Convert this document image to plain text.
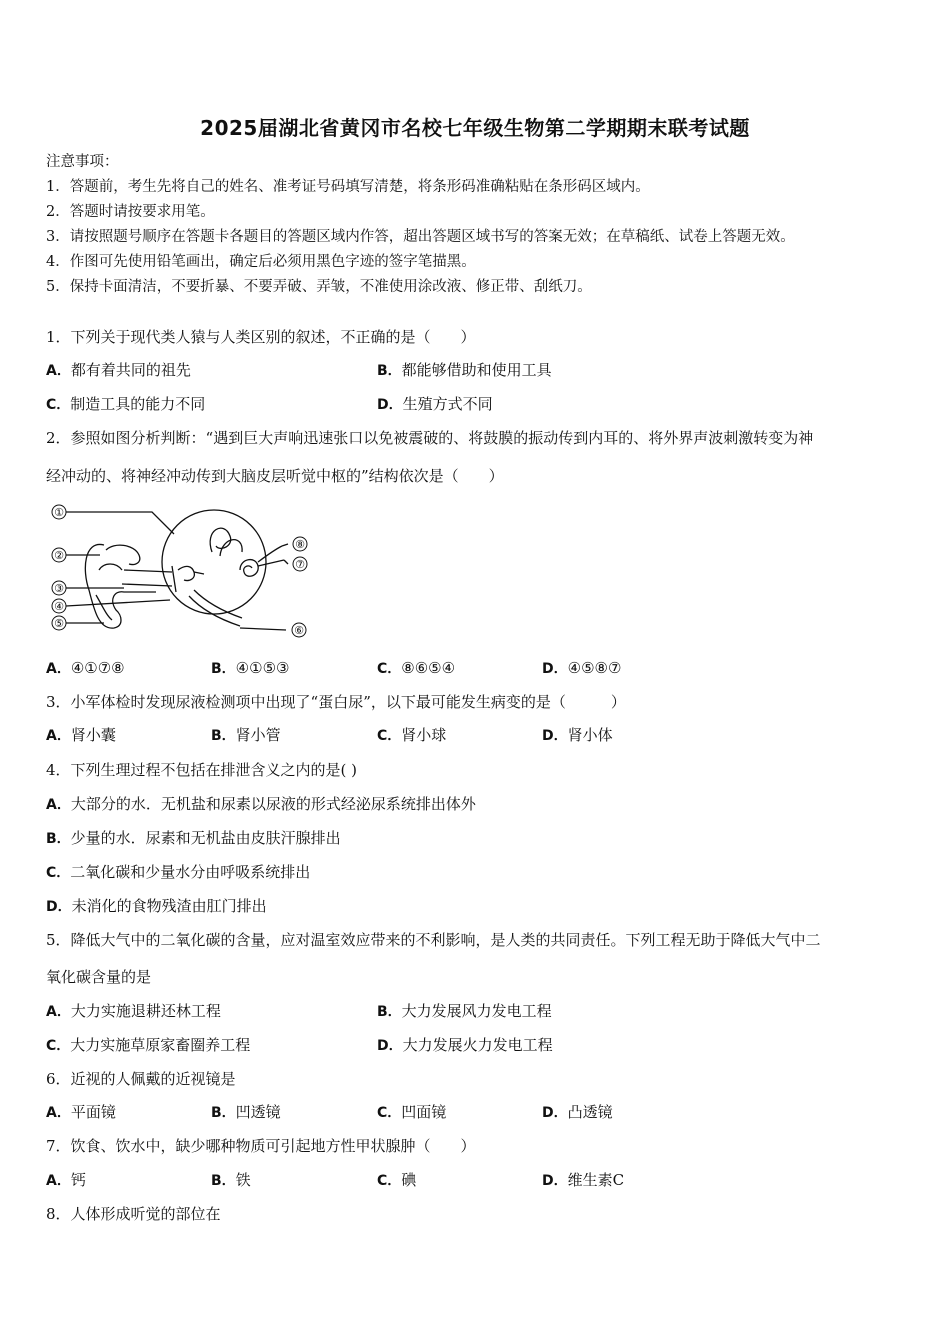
2025届湖北省黄冈市名校七年级生物第二学期期末联考试题
注意事项：
1．答题前，考生先将自己的姓名、准考证号码填写清楚，将条形码准确粘贴在条形码区域内。
2．答题时请按要求用笔。
3．请按照题号顺序在答题卡各题目的答题区域内作答，超出答题区域书写的答案无效；在草稿纸、试卷上答题无效。
4．作图可先使用铅笔画出，确定后必须用黑色字迹的签字笔描黑。
5．保持卡面清洁，不要折暴、不要弄破、弄皱，不准使用涂改液、修正带、刮纸刀。
1．下列关于现代类人猿与人类区别的叙述，不正确的是（　　）
A．都有着共同的祖先	B．都能够借助和使用工具
C．制造工具的能力不同	D．生殖方式不同
2．参照如图分析判断：“遇到巨大声响迅速张口以免被震破的、将鼓膜的振动传到内耳的、将外界声波刺激转变为神
经冲动的、将神经冲动传到大脑皮层听觉中枢的”结构依次是（　　）
①
②
③
④
⑤
⑥
⑦
⑧
A．④①⑦⑧	B．④①⑤③	C．⑧⑥⑤④	D．④⑤⑧⑦
3．小军体检时发现尿液检测项中出现了“蛋白尿”，以下最可能发生病变的是（　　　）
A．肾小囊	B．肾小管	C．肾小球	D．肾小体
4．下列生理过程不包括在排泄含义之内的是( )
A．大部分的水．无机盐和尿素以尿液的形式经泌尿系统排出体外
B．少量的水．尿素和无机盐由皮肤汗腺排出
C．二氧化碳和少量水分由呼吸系统排出
D．未消化的食物残渣由肛门排出
5．降低大气中的二氧化碳的含量，应对温室效应带来的不利影响，是人类的共同责任。下列工程无助于降低大气中二
氧化碳含量的是
A．大力实施退耕还林工程	B．大力发展风力发电工程
C．大力实施草原家畜圈养工程	D．大力发展火力发电工程
6．近视的人佩戴的近视镜是
A．平面镜	B．凹透镜	C．凹面镜	D．凸透镜
7．饮食、饮水中，缺少哪种物质可引起地方性甲状腺肿（　　）
A．钙	B．铁	C．碘	D．维生素C
8．人体形成听觉的部位在
